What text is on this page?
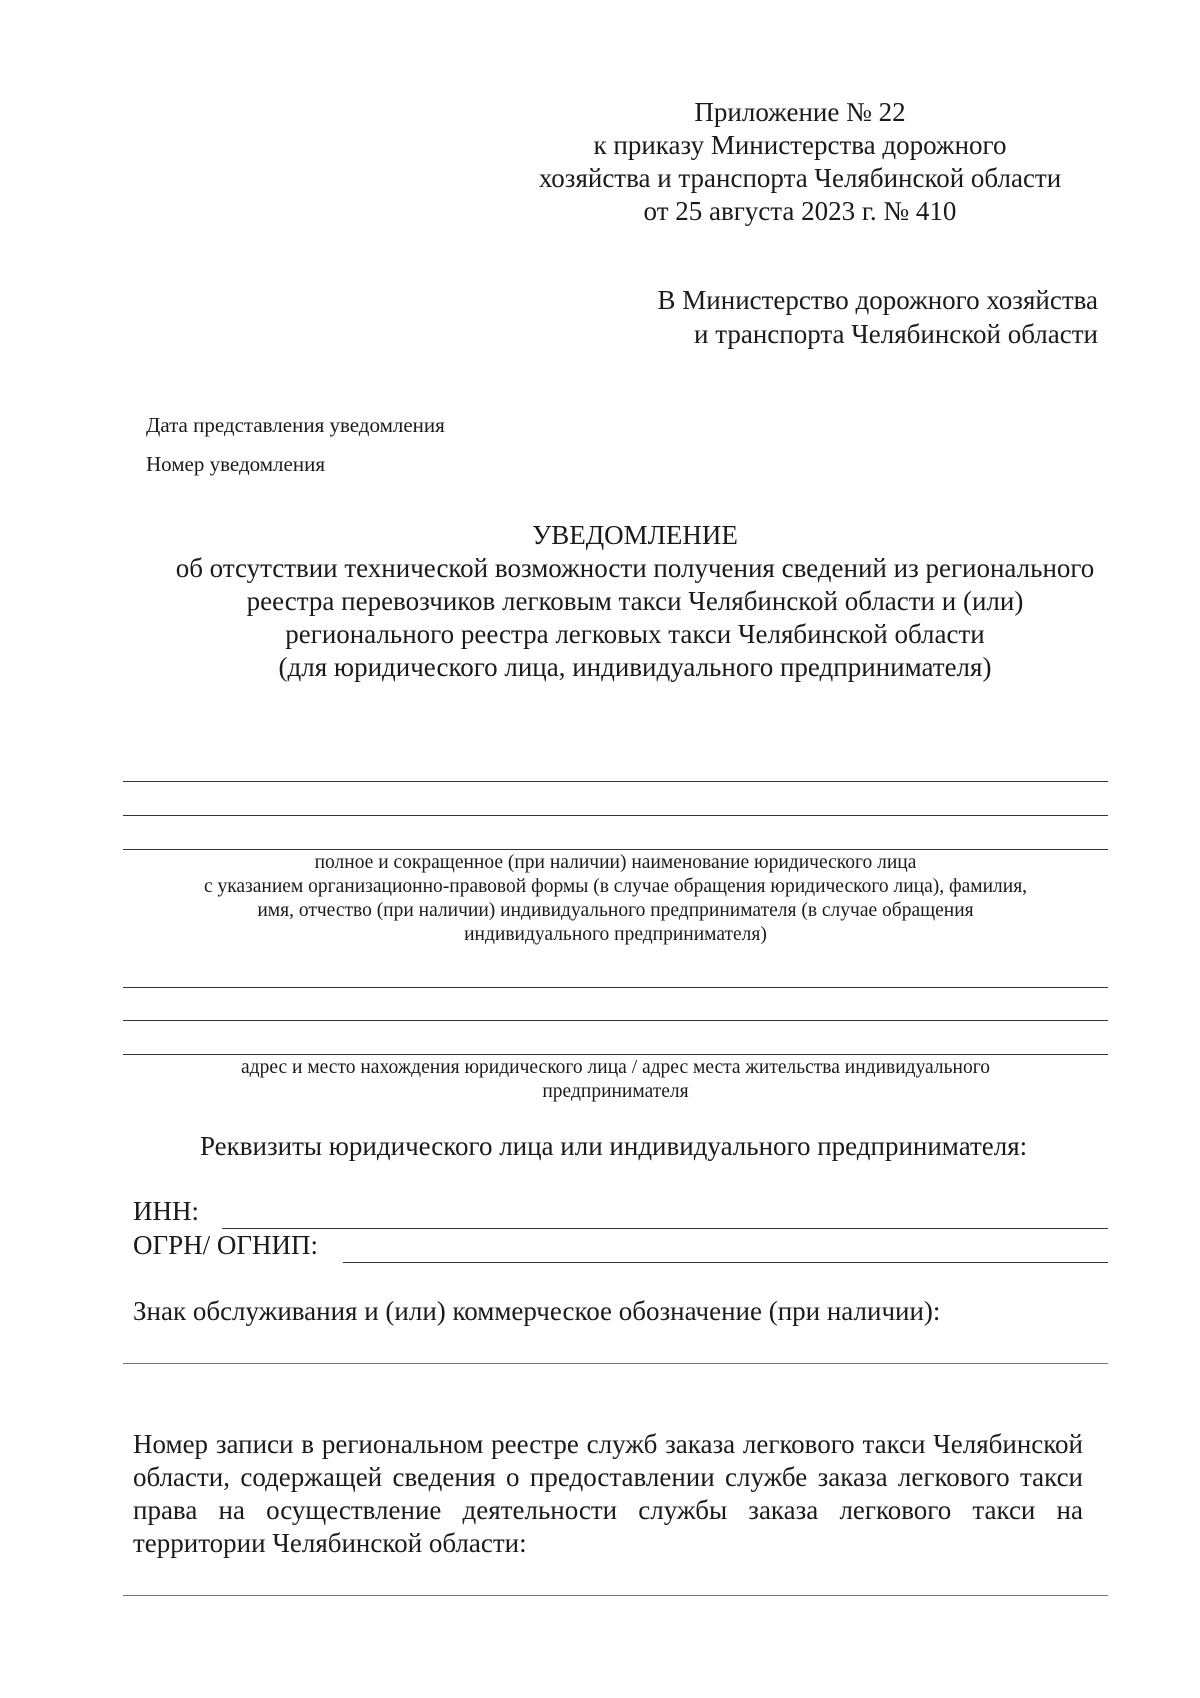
Приложение № 22
к приказу Министерства дорожного
хозяйства и транспорта Челябинской области
от 25 августа 2023 г. № 410
В Министерство дорожного хозяйства
и транспорта Челябинской области
Дата представления уведомления
Номер уведомления
УВЕДОМЛЕНИЕ
об отсутствии технической возможности получения сведений из регионального
реестра перевозчиков легковым такси Челябинской области и (или)
регионального реестра легковых такси Челябинской области
(для юридического лица, индивидуального предпринимателя)
полное и сокращенное (при наличии) наименование юридического лица
с указанием организационно-правовой формы (в случае обращения юридического лица), фамилия,
имя, отчество (при наличии) индивидуального предпринимателя (в случае обращения
индивидуального предпринимателя)
адрес и место нахождения юридического лица / адрес места жительства индивидуального
предпринимателя
Реквизиты юридического лица или индивидуального предпринимателя:
ИНН:
ОГРН/ ОГНИП:
Знак обслуживания и (или) коммерческое обозначение (при наличии):
Номер записи в региональном реестре служб заказа легкового такси Челябинской области, содержащей сведения о предоставлении службе заказа легкового такси права на осуществление деятельности службы заказа легкового такси на территории Челябинской области:
